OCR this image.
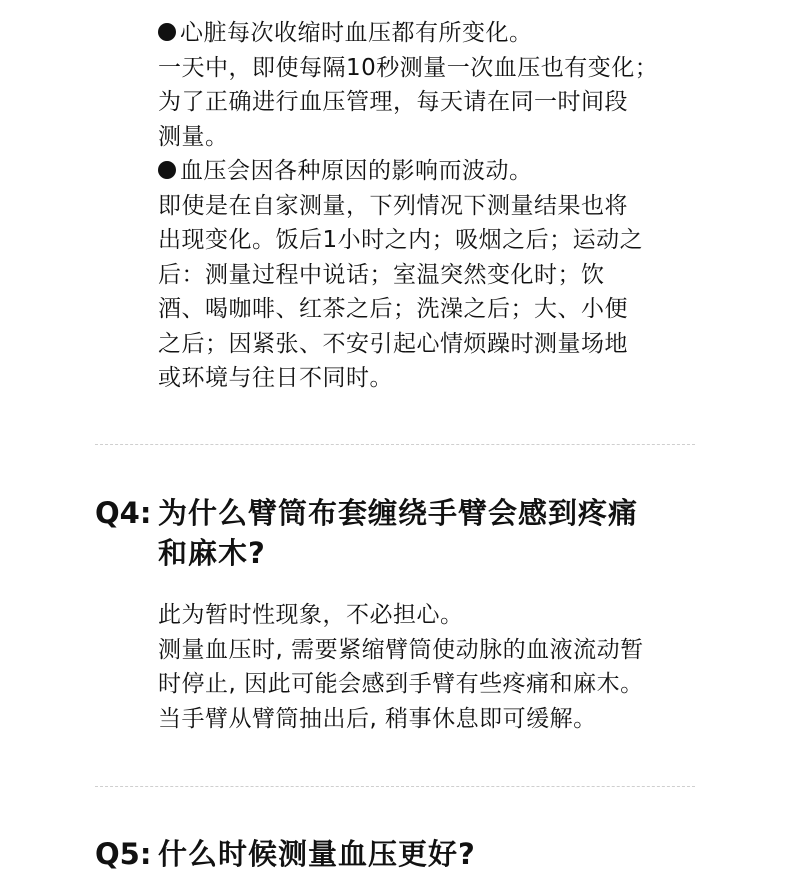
心脏每次收缩时血压都有所变化。

一天中，即使每隔10秒测量一次血压也有变化；

为了正确进行血压管理，每天请在同一时间段

测量。

血压会因各种原因的影响而波动。

即使是在自家测量，下列情况下测量结果也将

出现变化。饭后1小时之内；吸烟之后；运动之

后：测量过程中说话；室温突然变化时；饮

酒、喝咖啡、红茶之后；洗澡之后；大、小便

之后；因紧张、不安引起心情烦躁时测量场地

或环境与往日不同时。

Q4: 为什么臂筒布套缠绕手臂会感到疼痛

和麻木?

此为暂时性现象，不必担心。

测量血压时, 需要紧缩臂筒使动脉的血液流动暂

时停止, 因此可能会感到手臂有些疼痛和麻木。

当手臂从臂筒抽出后, 稍事休息即可缓解。

Q5: 什么时候测量血压更好?
